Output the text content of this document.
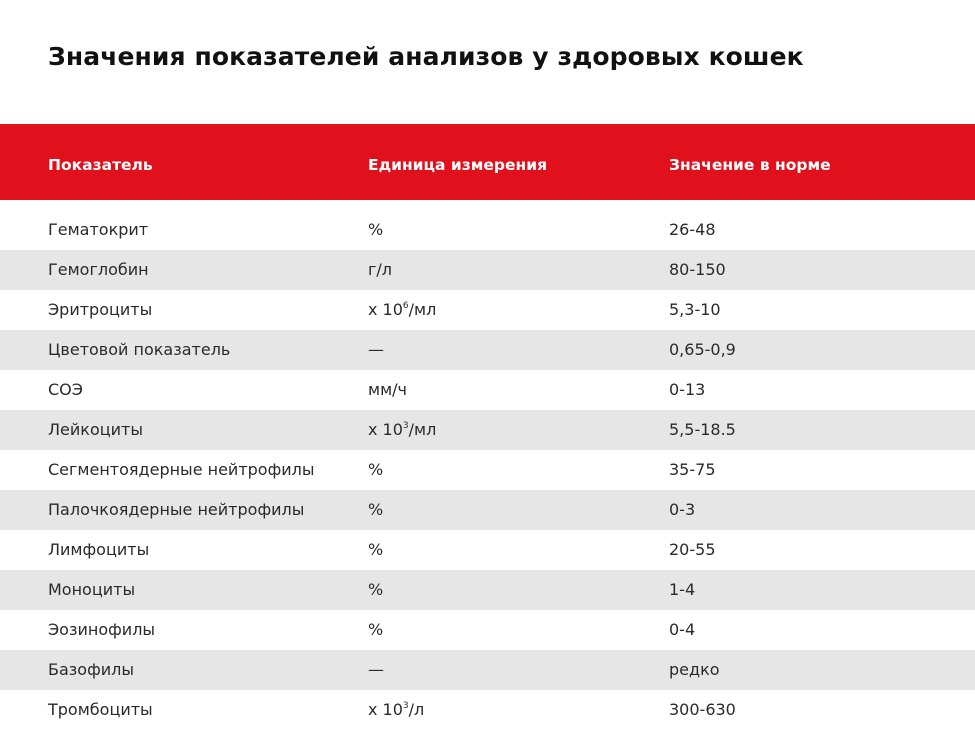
Значения показателей анализов у здоровых кошек
Показатель	Единица измерения	Значение в норме
Гематокрит	%	26-48
Гемоглобин	г/л	80-150
Эритроциты	x $10^6/мл$	5,3-10
Цветовой показатель	—	0,65-0,9
СОЭ	мм/ч	0-13
Лейкоциты	x $10^3/мл$	5,5-18.5
Сегментоядерные нейтрофилы	%	35-75
Палочкоядерные нейтрофилы	%	0-3
Лимфоциты	%	20-55
Моноциты	%	1-4
Эозинофилы	%	0-4
Базофилы	—	редко
Тромбоциты	x $10^3/л$	300-630
